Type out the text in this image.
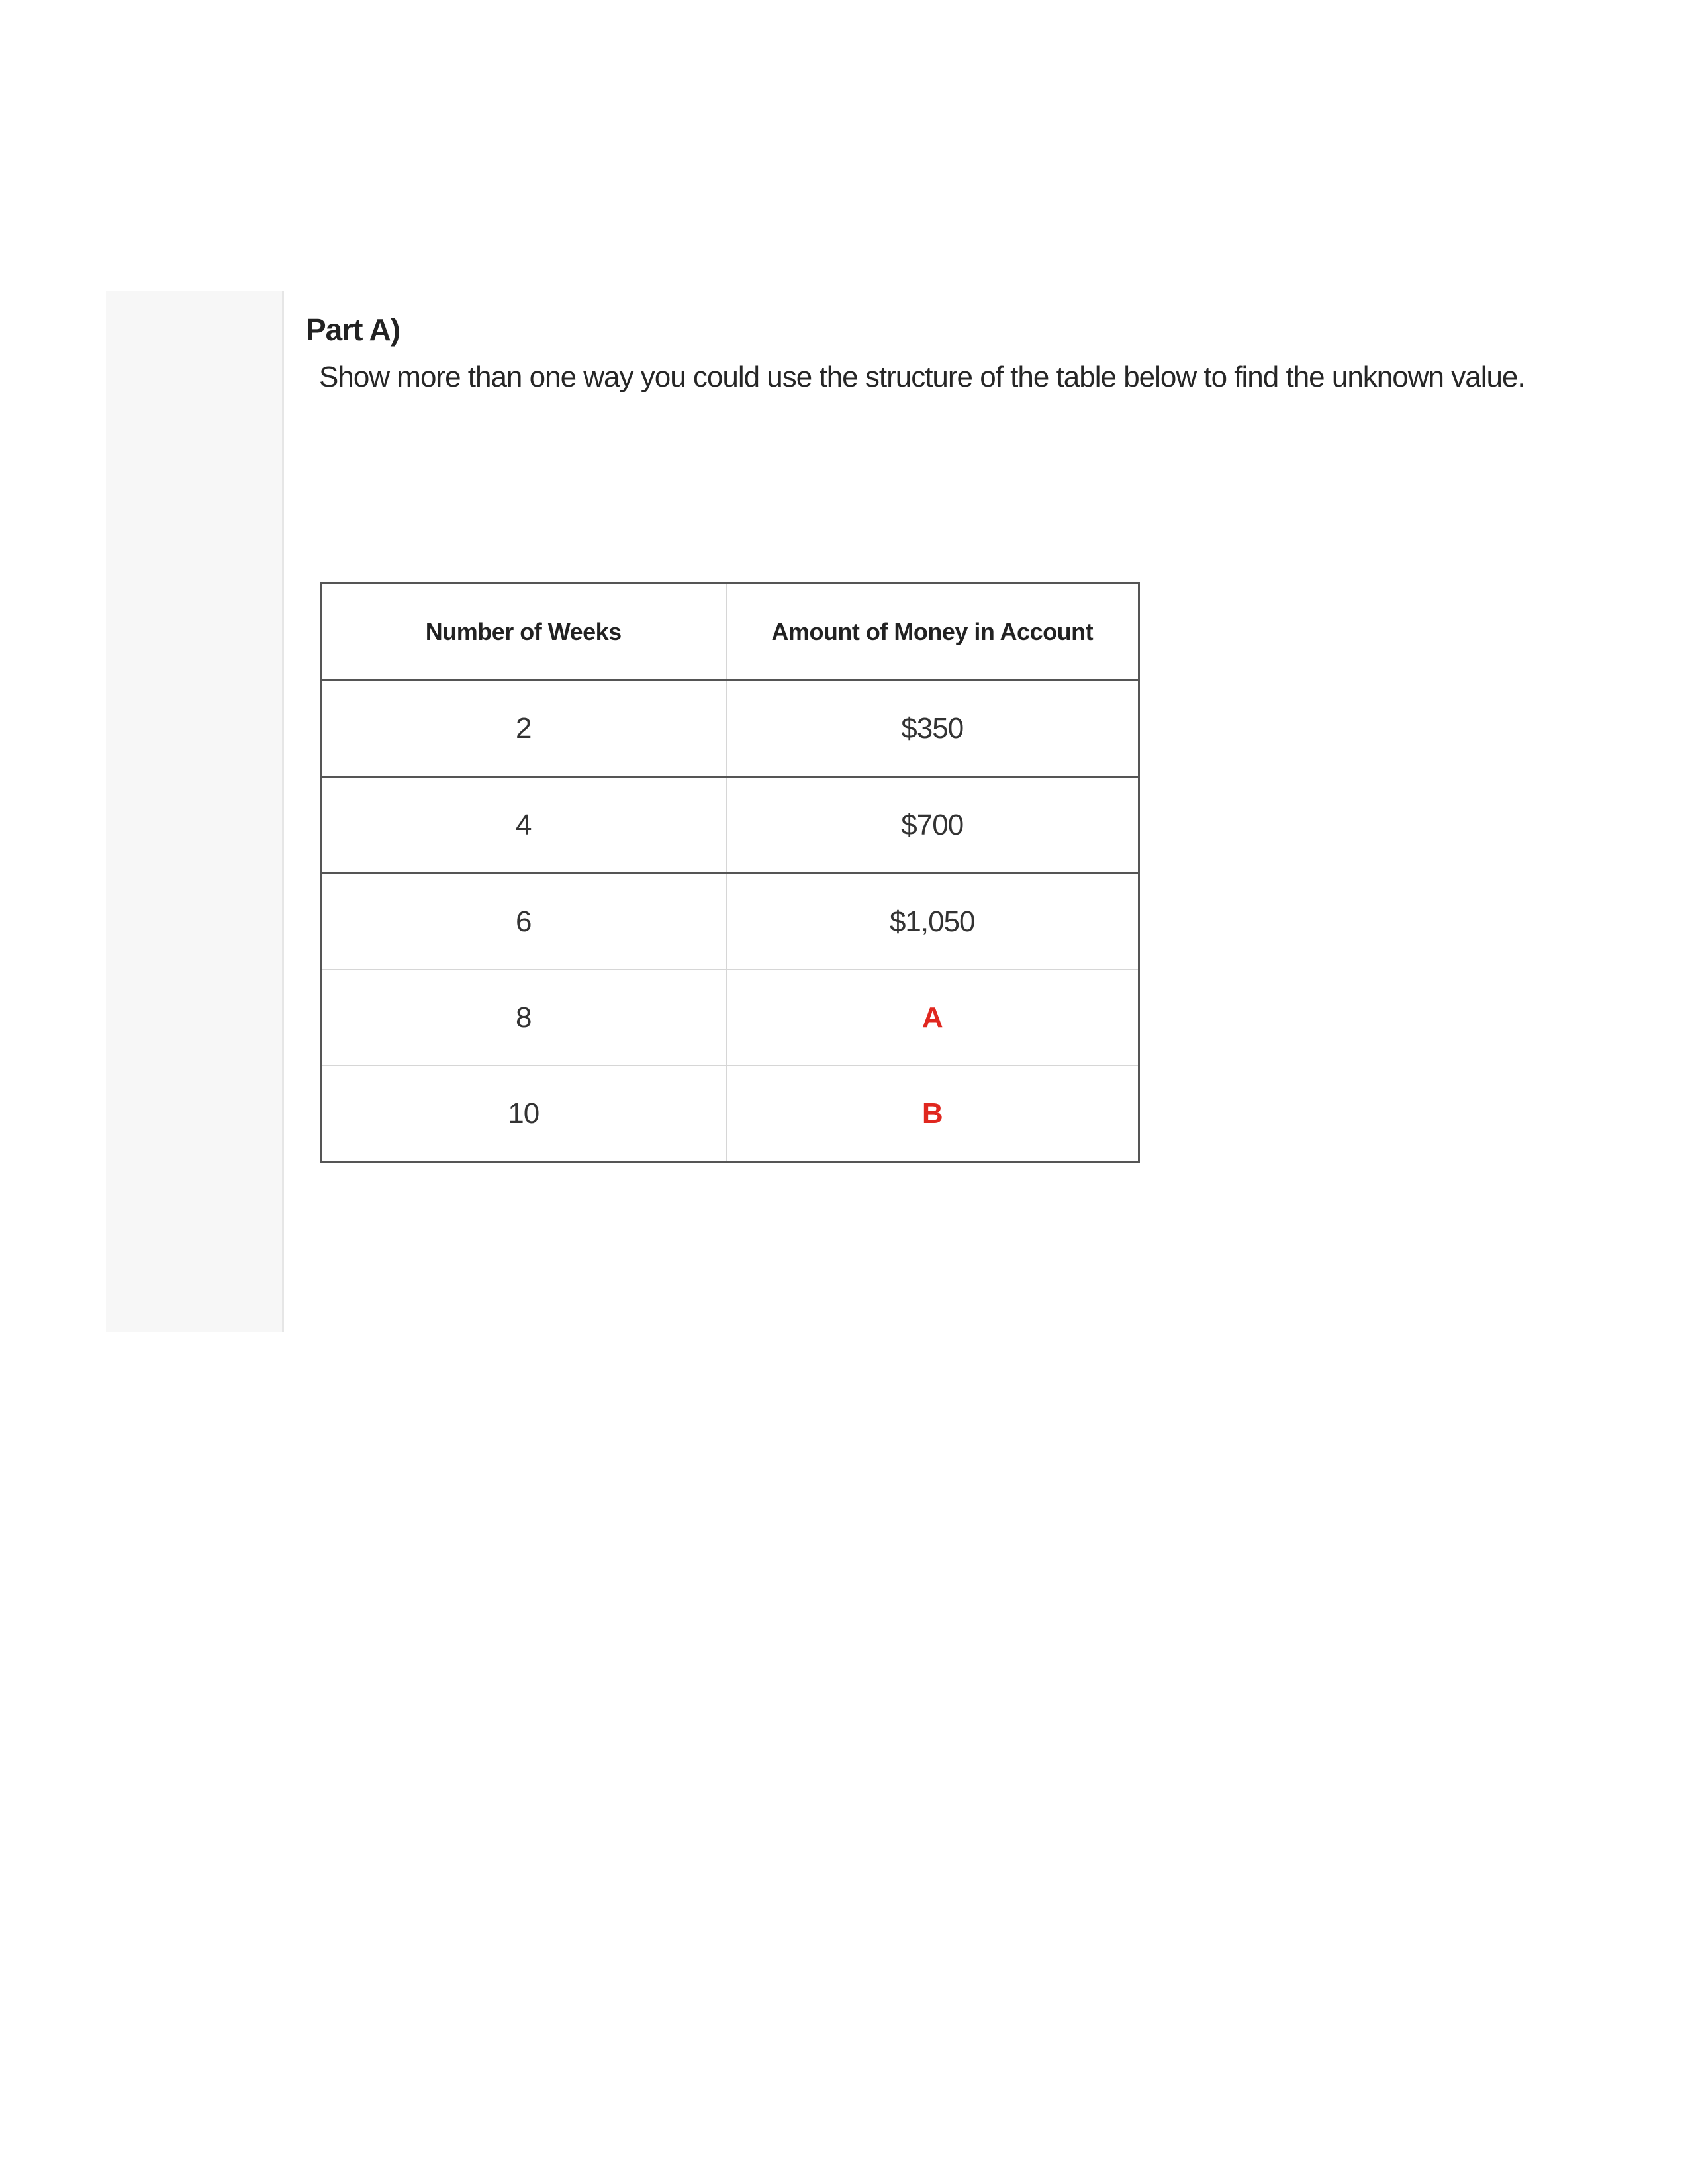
Part A)

Show more than one way you could use the structure of the table below to find the unknown value.

Number of Weeks	Amount of Money in Account
2	$350
4	$700
6	$1,050
8	A
10	B
